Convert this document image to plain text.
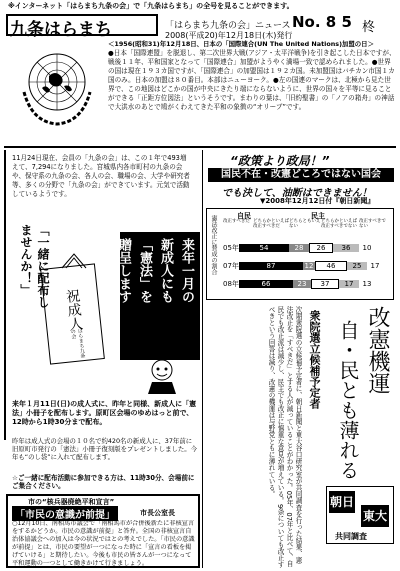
※インターネット「はらまち九条の会」で「九条はらまち」の全号を見ることができます。
九条はらまち	「はらまち九条の会」ニュース No. 8 5
2008(平成20)年12月18日(木)発行
柊
＜1956(昭和31)年12月18日、日本の「国際連合(UN The United Nations)加盟の日＞
●日本「国際連盟」を脱退し、第二次世界大戦(アジア・太平洋戦争)を引き起こした日本ですが、戦後１１年、平和国家となって「国際連合」加盟がようやく満場一致で認められました。●世界の国は現在１９３カ国ですが、「国際連合」の加盟国は１９２カ国。未加盟国はバチカン市国１カ国のみ。日本の加盟は８０番目。本部はニューヨーク。●左の国連のマークは、北極から見た世界で、この地図はどこかの国が中央にきたり端にならないように、世界の国々を平等に見ることができる「正距方位図法」というそうです。まわりの葉は、「旧約聖書」の「ノアの箱舟」の神話で大洪水のあとで鳩がくわえてきた平和の象徴の“オリーブ”です。
11月24日現在、会員の「九条の会」は、この１年で493増えて、7,294になりました。宮城県内各市町村の九条の会や、保守系の九条の会、各人の会、職場の会、大学や研究者等、多くの分野で「九条の会」ができています。元気で活動しているようです。
「一緒に配布しませんか！」
祝成人
はらまち九条の会
来年一月の
新成人にも
「憲法」を
贈呈します
来年１月11日(日)の成人式に、昨年と同様、新成人に「憲法」小冊子を配布します。原町区会場のゆめはっと前で、12時から1時30分まで配布。
昨年は成人式の会場の１０名で約420名の新成人に、37年前に旧原町市発行の「憲法」小冊子復刻版をプレゼントしました。今年も“のし袋”に入れて配布します。
☆ご一緒に配布活動に参加できる方は、11時30分、会場前にご集合ください。
市の“核兵器廃絶平和宣言”
「市民の意識が前提」	市長公室長
○12月10日、南相馬市議会で「南相馬市が合併後新たに非核宣言をするかどうか。市民の意識が前提」と答弁。全国の非核宣言自治体協議会への加入は今の状況ではとの考えでした。「市民の意識が前提」とは、市民の要望が一つになった時に「宣言の看板を掲げていける」と期待したい。今後も市民の皆さんが一つになって平和運動の一つとして働きかけて行きましょう。
“政策より政局！”
国民不在・改憲どころではない国会
でも決して、油断はできません！
▼2008年12月12日付『朝日新聞』
憲法改正に賛成の割合	自民	民主
改正すべきだ どちらかといえば改正すべきだ
どちらともいえない
どちらかといえば改正すべきでない
改正すべきでない
05年	54	28	26	36	10
07年	87	12	46	25	17
08年	66	23	37	17	13
改憲機運
自・民とも薄れる
衆院選立候補予定者
次期衆院選の立候補予定者に、朝日新聞と東大谷口研究室が共同調査を行った結果、憲法改正を「すべきだ」とする人が減っていることがわかった。05年、07年と比べて、自民でも改正派は減少し、民主でも改正に慎重な意見が増えている。9条についても改正すべきという回答は減り、改憲の機運は与野党ともに薄れている。
朝日
東大
共同調査
